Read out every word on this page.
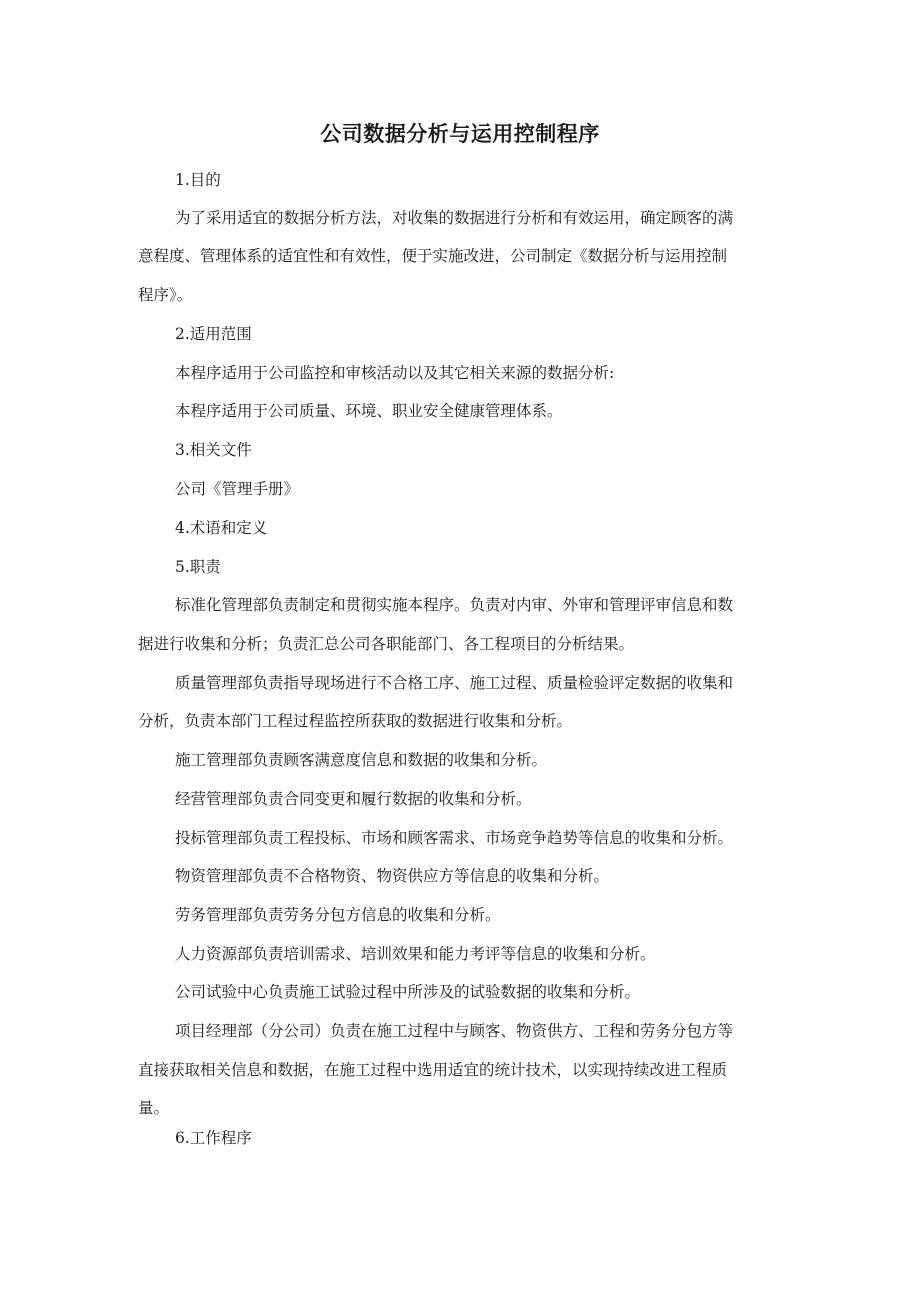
公司数据分析与运用控制程序
1.目的
为了采用适宜的数据分析方法，对收集的数据进行分析和有效运用，确定顾客的满
意程度、管理体系的适宜性和有效性，便于实施改进，公司制定《数据分析与运用控制
程序》。
2.适用范围
本程序适用于公司监控和审核活动以及其它相关来源的数据分析:
本程序适用于公司质量、环境、职业安全健康管理体系。
3.相关文件
公司《管理手册》
4.术语和定义
5.职责
标准化管理部负责制定和贯彻实施本程序。负责对内审、外审和管理评审信息和数
据进行收集和分析；负责汇总公司各职能部门、各工程项目的分析结果。
质量管理部负责指导现场进行不合格工序、施工过程、质量检验评定数据的收集和
分析，负责本部门工程过程监控所获取的数据进行收集和分析。
施工管理部负责顾客满意度信息和数据的收集和分析。
经营管理部负责合同变更和履行数据的收集和分析。
投标管理部负责工程投标、市场和顾客需求、市场竞争趋势等信息的收集和分析。
物资管理部负责不合格物资、物资供应方等信息的收集和分析。
劳务管理部负责劳务分包方信息的收集和分析。
人力资源部负责培训需求、培训效果和能力考评等信息的收集和分析。
公司试验中心负责施工试验过程中所涉及的试验数据的收集和分析。
项目经理部（分公司）负责在施工过程中与顾客、物资供方、工程和劳务分包方等
直接获取相关信息和数据，在施工过程中选用适宜的统计技术，以实现持续改进工程质
量。
6.工作程序
